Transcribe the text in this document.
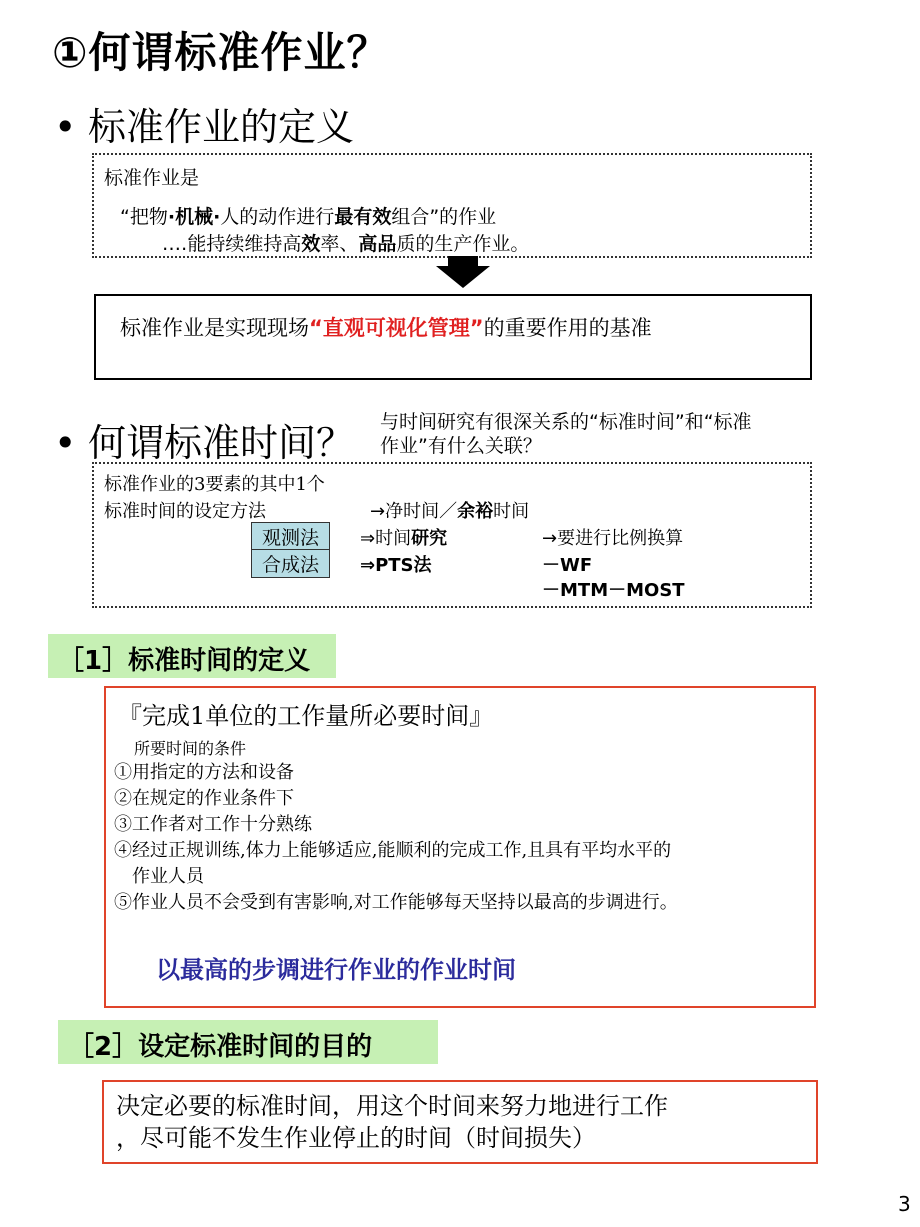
①何谓标准作业？
• 标准作业的定义
标准作业是
“把物·机械·人的动作进行最有效组合”的作业
‥‥能持续维持高效率、高品质的生产作业。
标准作业是实现现场“直观可视化管理”的重要作用的基准
• 何谓标准时间？ 与时间研究有很深关系的“标准时间”和“标准
作业”有什么关联？
标准作业的3要素的其中1个
标准时间的设定方法	→净时间／余裕时间
观测法	⇒时间研究	→要进行比例换算
合成法	⇒PTS法	－WF
－MTM－MOST
［1］标准时间的定义
『完成1单位的工作量所必要时间』
所要时间的条件
①用指定的方法和设备
②在规定的作业条件下
③工作者对工作十分熟练
④经过正规训练,体力上能够适应,能顺利的完成工作,且具有平均水平的
　作业人员
⑤作业人员不会受到有害影响,对工作能够每天坚持以最高的步调进行。
以最高的步调进行作业的作业时间
［2］设定标准时间的目的
决定必要的标准时间，用这个时间来努力地进行工作
，尽可能不发生作业停止的时间（时间损失）
3
